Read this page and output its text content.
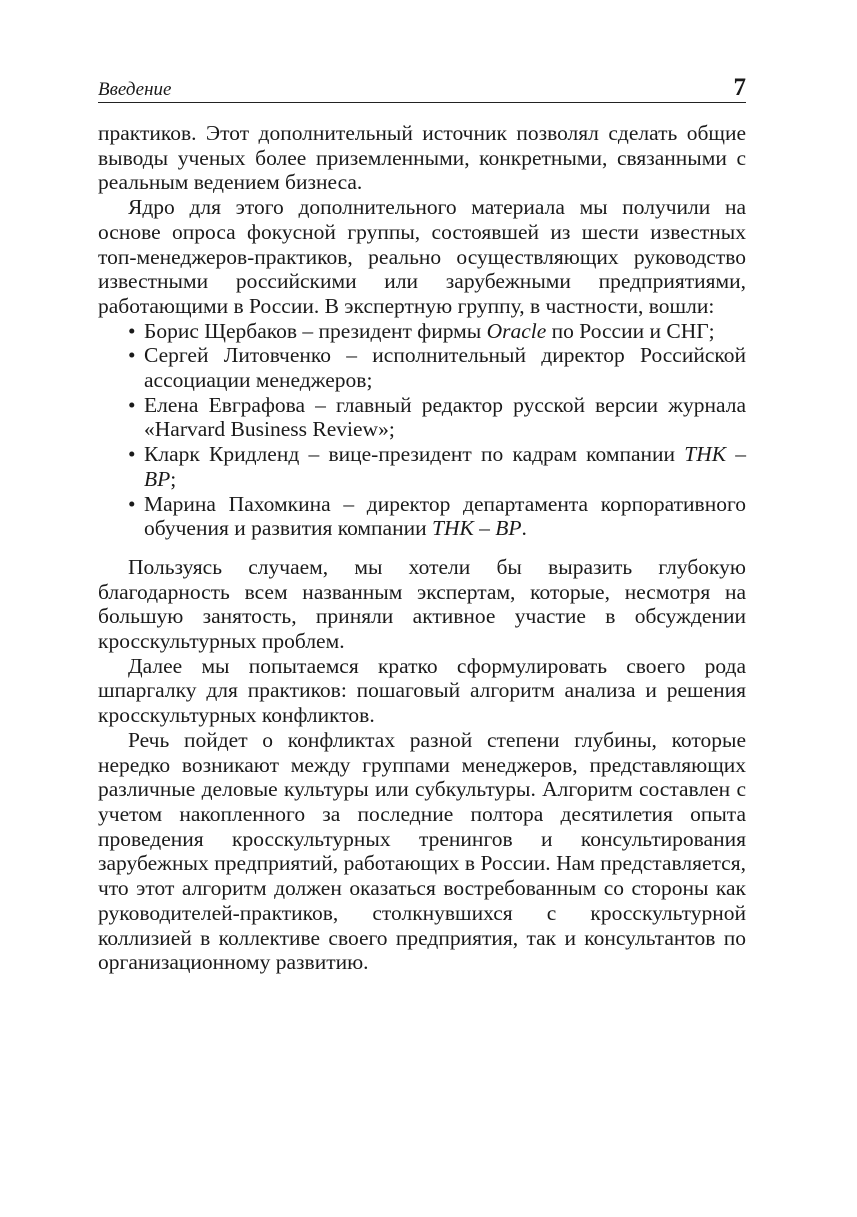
Введение	7

практиков. Этот дополнительный источник позволял сделать общие выводы ученых более приземленными, конкретными, связанными с реальным ведением бизнеса.

Ядро для этого дополнительного материала мы получили на основе опроса фокусной группы, состоявшей из шести известных топ-менеджеров-практиков, реально осуществляющих руководство известными российскими или зарубежными предприятиями, работающими в России. В экспертную группу, в частности, вошли:

• Борис Щербаков – президент фирмы Oracle по России и СНГ;
• Сергей Литовченко – исполнительный директор Российской ассоциации менеджеров;
• Елена Евграфова – главный редактор русской версии журнала «Harvard Business Review»;
• Кларк Кридленд – вице-президент по кадрам компании ТНК – ВР;
• Марина Пахомкина – директор департамента корпоративного обучения и развития компании ТНК – ВР.

Пользуясь случаем, мы хотели бы выразить глубокую благодарность всем названным экспертам, которые, несмотря на большую занятость, приняли активное участие в обсуждении кросскультурных проблем.

Далее мы попытаемся кратко сформулировать своего рода шпаргалку для практиков: пошаговый алгоритм анализа и решения кросскультурных конфликтов.

Речь пойдет о конфликтах разной степени глубины, которые нередко возникают между группами менеджеров, представляющих различные деловые культуры или субкультуры. Алгоритм составлен с учетом накопленного за последние полтора десятилетия опыта проведения кросскультурных тренингов и консультирования зарубежных предприятий, работающих в России. Нам представляется, что этот алгоритм должен оказаться востребованным со стороны как руководителей-практиков, столкнувшихся с кросскультурной коллизией в коллективе своего предприятия, так и консультантов по организационному развитию.
